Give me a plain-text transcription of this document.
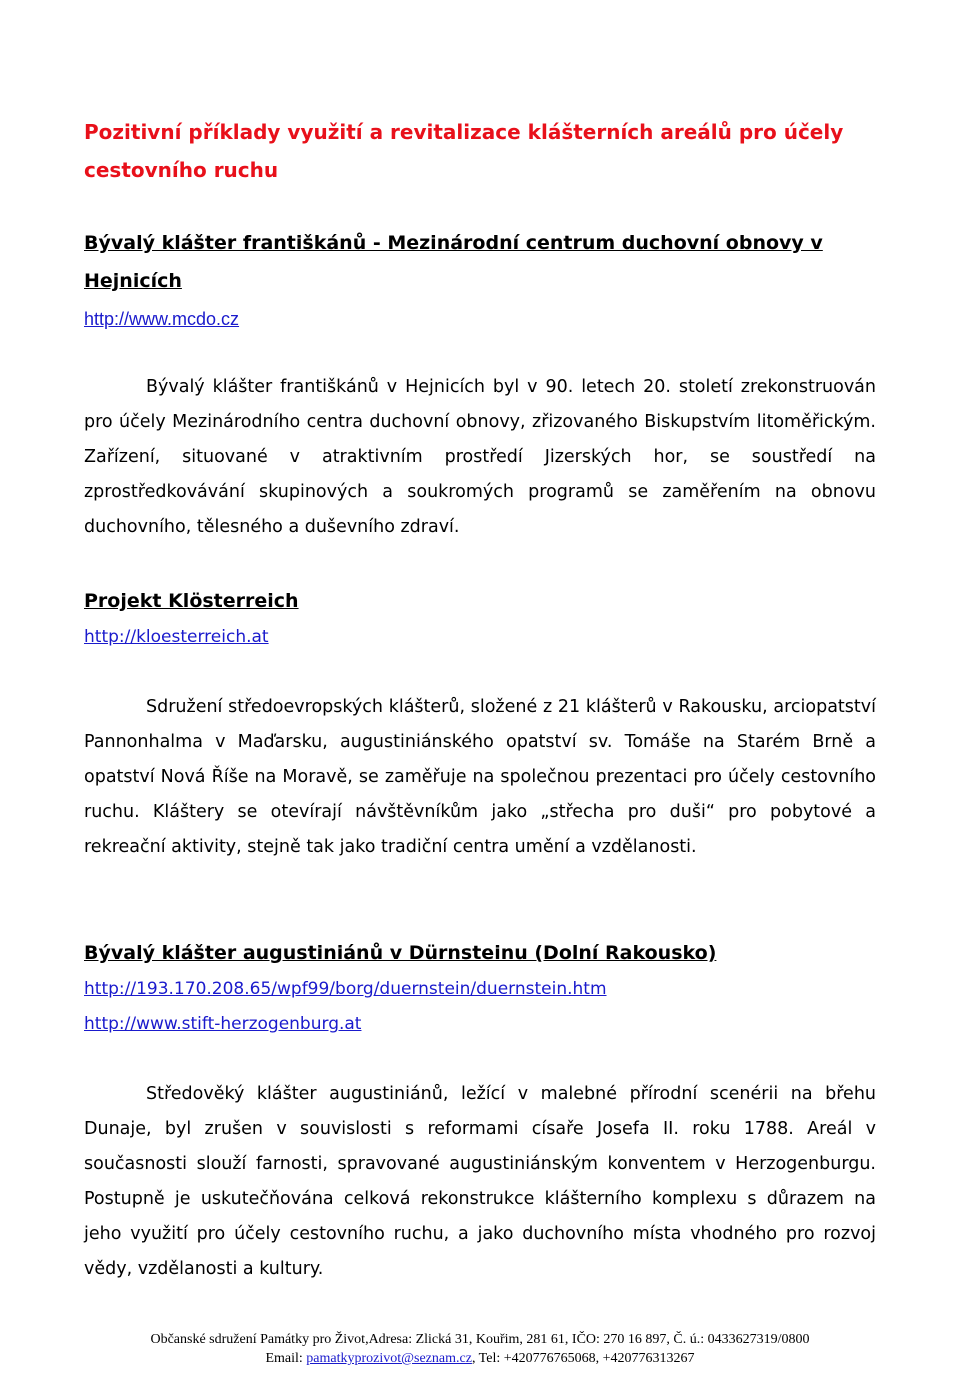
Pozitivní příklady využití a revitalizace klášterních areálů pro účely cestovního ruchu
Bývalý klášter františkánů - Mezinárodní centrum duchovní obnovy v Hejnicích
http://www.mcdo.cz
Bývalý klášter františkánů v Hejnicích byl v 90. letech 20. století zrekonstruován pro účely Mezinárodního centra duchovní obnovy, zřizovaného Biskupstvím litoměřickým. Zařízení, situované v atraktivním prostředí Jizerských hor, se soustředí na zprostředkovávání skupinových a soukromých programů se zaměřením na obnovu duchovního, tělesného a duševního zdraví.
Projekt Klösterreich
http://kloesterreich.at
Sdružení středoevropských klášterů, složené z 21 klášterů v Rakousku, arciopatství Pannonhalma v Maďarsku, augustiniánského opatství sv. Tomáše na Starém Brně a opatství Nová Říše na Moravě, se zaměřuje na společnou prezentaci pro účely cestovního ruchu. Kláštery se otevírají návštěvníkům jako „střecha pro duši“ pro pobytové a rekreační aktivity, stejně tak jako tradiční centra umění a vzdělanosti.
Bývalý klášter augustiniánů v Dürnsteinu (Dolní Rakousko)
http://193.170.208.65/wpf99/borg/duernstein/duernstein.htm
http://www.stift-herzogenburg.at
Středověký klášter augustiniánů, ležící v malebné přírodní scenérii na břehu Dunaje, byl zrušen v souvislosti s reformami císaře Josefa II. roku 1788. Areál v současnosti slouží farnosti, spravované augustiniánským konventem v Herzogenburgu. Postupně je uskutečňována celková rekonstrukce klášterního komplexu s důrazem na jeho využití pro účely cestovního ruchu, a jako duchovního místa vhodného pro rozvoj vědy, vzdělanosti a kultury.
Občanské sdružení Památky pro Život,Adresa: Zlická 31, Kouřim, 281 61, IČO: 270 16 897, Č. ú.: 0433627319/0800
Email: pamatkyprozivot@seznam.cz, Tel: +420776765068, +420776313267
